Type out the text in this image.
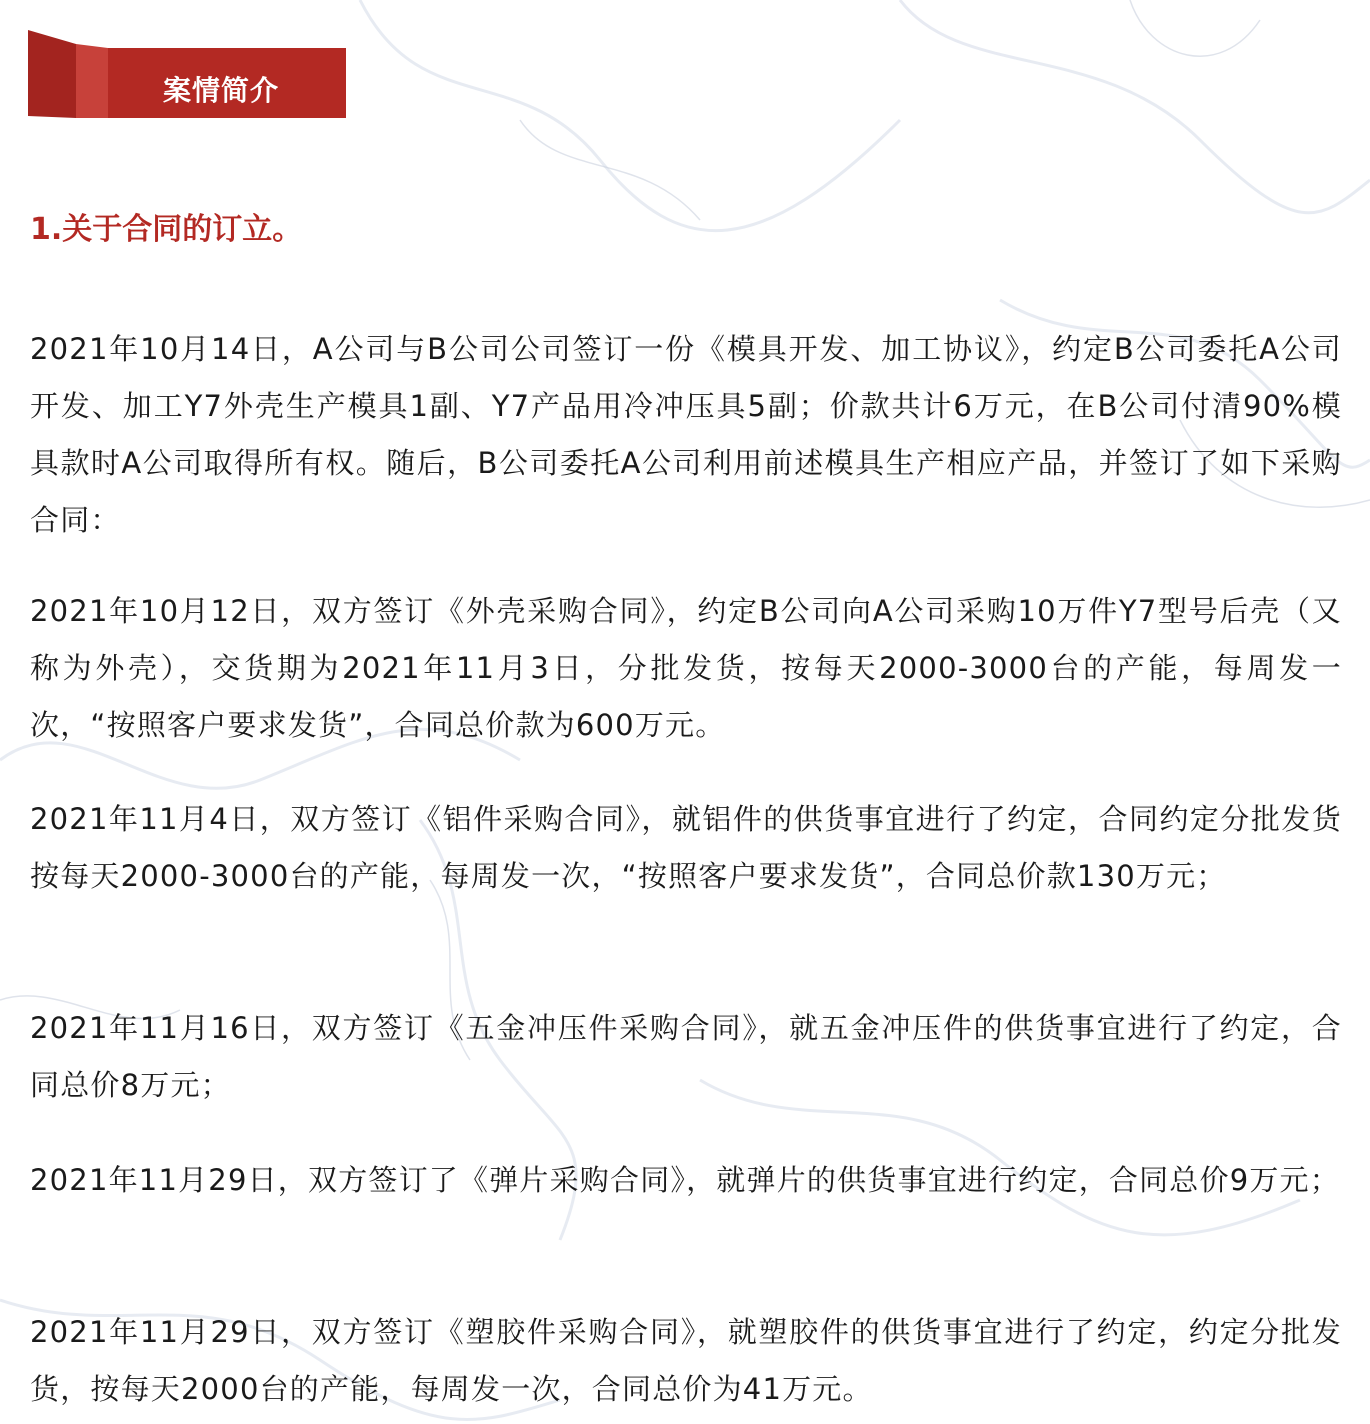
案情简介
1.关于合同的订立。

2021年10月14日，A公司与B公司公司签订一份《模具开发、加工协议》，约定B公司委托A公司开发、加工Y7外壳生产模具1副、Y7产品用冷冲压具5副；价款共计6万元，在B公司付清90%模具款时A公司取得所有权。随后，B公司委托A公司利用前述模具生产相应产品，并签订了如下采购合同：

2021年10月12日，双方签订《外壳采购合同》，约定B公司向A公司采购10万件Y7型号后壳（又称为外壳），交货期为2021年11月3日，分批发货，按每天2000-3000台的产能，每周发一次，“按照客户要求发货”，合同总价款为600万元。

2021年11月4日，双方签订《铝件采购合同》，就铝件的供货事宜进行了约定，合同约定分批发货按每天2000-3000台的产能，每周发一次，“按照客户要求发货”，合同总价款130万元；

2021年11月16日，双方签订《五金冲压件采购合同》，就五金冲压件的供货事宜进行了约定，合同总价8万元；

2021年11月29日，双方签订了《弹片采购合同》，就弹片的供货事宜进行约定，合同总价9万元；

2021年11月29日，双方签订《塑胶件采购合同》，就塑胶件的供货事宜进行了约定，约定分批发货，按每天2000台的产能，每周发一次，合同总价为41万元。
